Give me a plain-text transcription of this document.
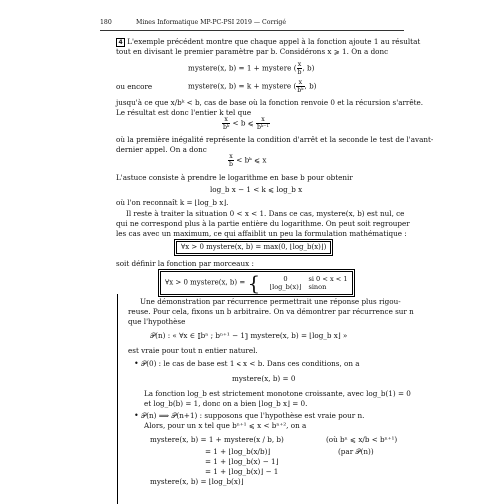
180	Mines Informatique MP-PC-PSI 2019 — Corrigé
4 L'exemple précédent montre que chaque appel à la fonction ajoute 1 au résultat
tout en divisant le premier paramètre par b. Considérons x ⩾ 1. On a donc
mystere(x, b) = 1 + mystere ( $\frac{x}{b}$ , b)
ou encore	mystere(x, b) = k + mystere ( $\frac{x}{\text{bᵏ}}$ , b)
jusqu'à ce que x/bᵏ < b, cas de base où la fonction renvoie 0 et la récursion s'arrête.
Le résultat est donc l'entier k tel que
$\frac{x}{\text{bᵏ}} < b$ ⩽ $\frac{x}{\text{bᵏ⁻¹}}$
où la première inégalité représente la condition d'arrêt et la seconde le test de l'avant-
dernier appel. On a donc
$\frac{x}{b}$ < bᵏ ⩽ x
L'astuce consiste à prendre le logarithme en base b pour obtenir
log_b x − 1 < k ⩽ log_b x
où l'on reconnaît k = ⌊log_b x⌋.
Il reste à traiter la situation 0 < x < 1. Dans ce cas, mystere(x, b) est nul, ce
qui ne correspond plus à la partie entière du logarithme. On peut soit regrouper
les cas avec un maximum, ce qui affaiblit un peu la formulation mathématique :
∀x > 0 mystere(x, b) = max(0, ⌊log_b(x)⌋)
soit définir la fonction par morceaux :
∀x > 0 mystere(x, b) = {	0	si 0 < x < 1
⌊log_b(x)⌋ sinon
Une démonstration par récurrence permettrait une réponse plus rigou-
reuse. Pour cela, fixons un b arbitraire. On va démontrer par récurrence sur n
que l'hypothèse
𝒫(n) : « ∀x ∈ ⟦bⁿ ; bⁿ⁺¹ − 1⟧ mystere(x, b) = ⌊log_b x⌋ »
est vraie pour tout n entier naturel.
• 𝒫(0) : le cas de base est 1 ⩽ x < b. Dans ces conditions, on a
mystere(x, b) = 0
La fonction log_b est strictement monotone croissante, avec log_b(1) = 0
et log_b(b) = 1, donc on a bien ⌊log_b x⌋ = 0.
• 𝒫(n) ⟹ 𝒫(n+1) : supposons que l'hypothèse est vraie pour n.
Alors, pour un x tel que bⁿ⁺¹ ⩽ x < bⁿ⁺², on a
mystere(x, b) = 1 + mystere(x / b, b)	(où bⁿ ⩽ x/b < bⁿ⁺¹)
= 1 + ⌊log_b(x/b)⌋	(par 𝒫(n))
= 1 + ⌊log_b(x) − 1⌋
= 1 + ⌊log_b(x)⌋ − 1
mystere(x, b) = ⌊log_b(x)⌋
